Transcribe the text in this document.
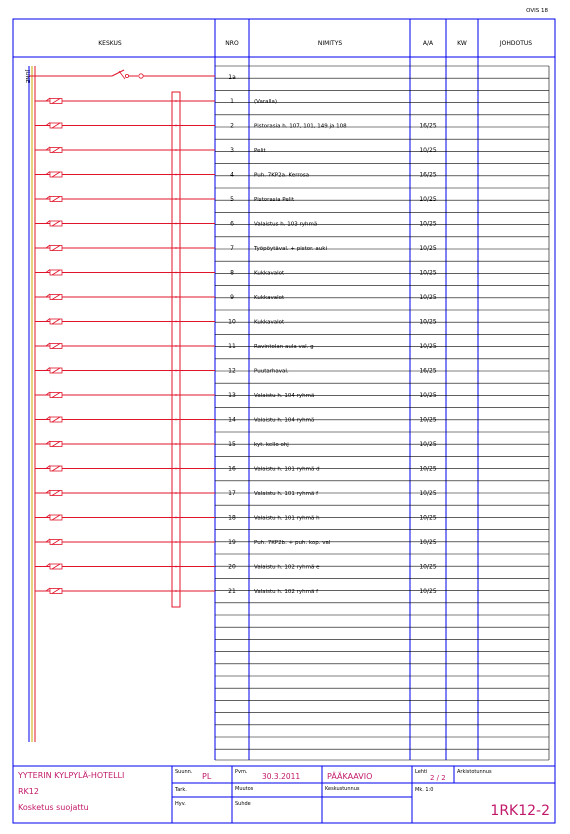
OVIS 18
KESKUS	NRO	NIMITYS	A/A	KW	JOHDOTUS
JUNE
1	(Varalla)
2	Pistorasia h. 107, 101, 149 ja 108	16/25
3	Pelit	10/25
4	Puh. 7KP2a. Kerrosa	16/25
5	Pistorasia Pelit	10/25
6	Valaistus h. 103 ryhmä	10/25
7	Työpöytäval. + pistor. auki	10/25
8	Kukkavalot	10/25
9	Kukkavalot	10/25
10	Kukkavalot	10/25
11	Ravintolan aula val. g	10/25
12	Puutarhaval.	16/25
13	Valaistu h. 104 ryhmä	10/25
14	Valaistu h. 104 ryhmä	10/25
15	kyt. kello ohj	10/25
16	Valaistu h. 101 ryhmä d	10/25
17	Valaistu h. 101 ryhmä f	10/25
18	Valaistu h. 101 ryhmä h	10/25
19	Puh. 7KP2b. + puh. kop. val	10/25
20	Valaistu h. 102 ryhmä e	10/25
21	Valaistu h. 102 ryhmä f	10/25
1a
YYTERIN KYLPYLÄ-HOTELLI
RK12
Kosketus suojattu
Suunn. PL	Pvm. 30.3.2011	PÄÄKAAVIO	Lehti
2 / 2
Arkistotunnus
Tark.	Muutos	Keskustunnus	Mk. 1:0
Hyv.	Suhde	1RK12-2
